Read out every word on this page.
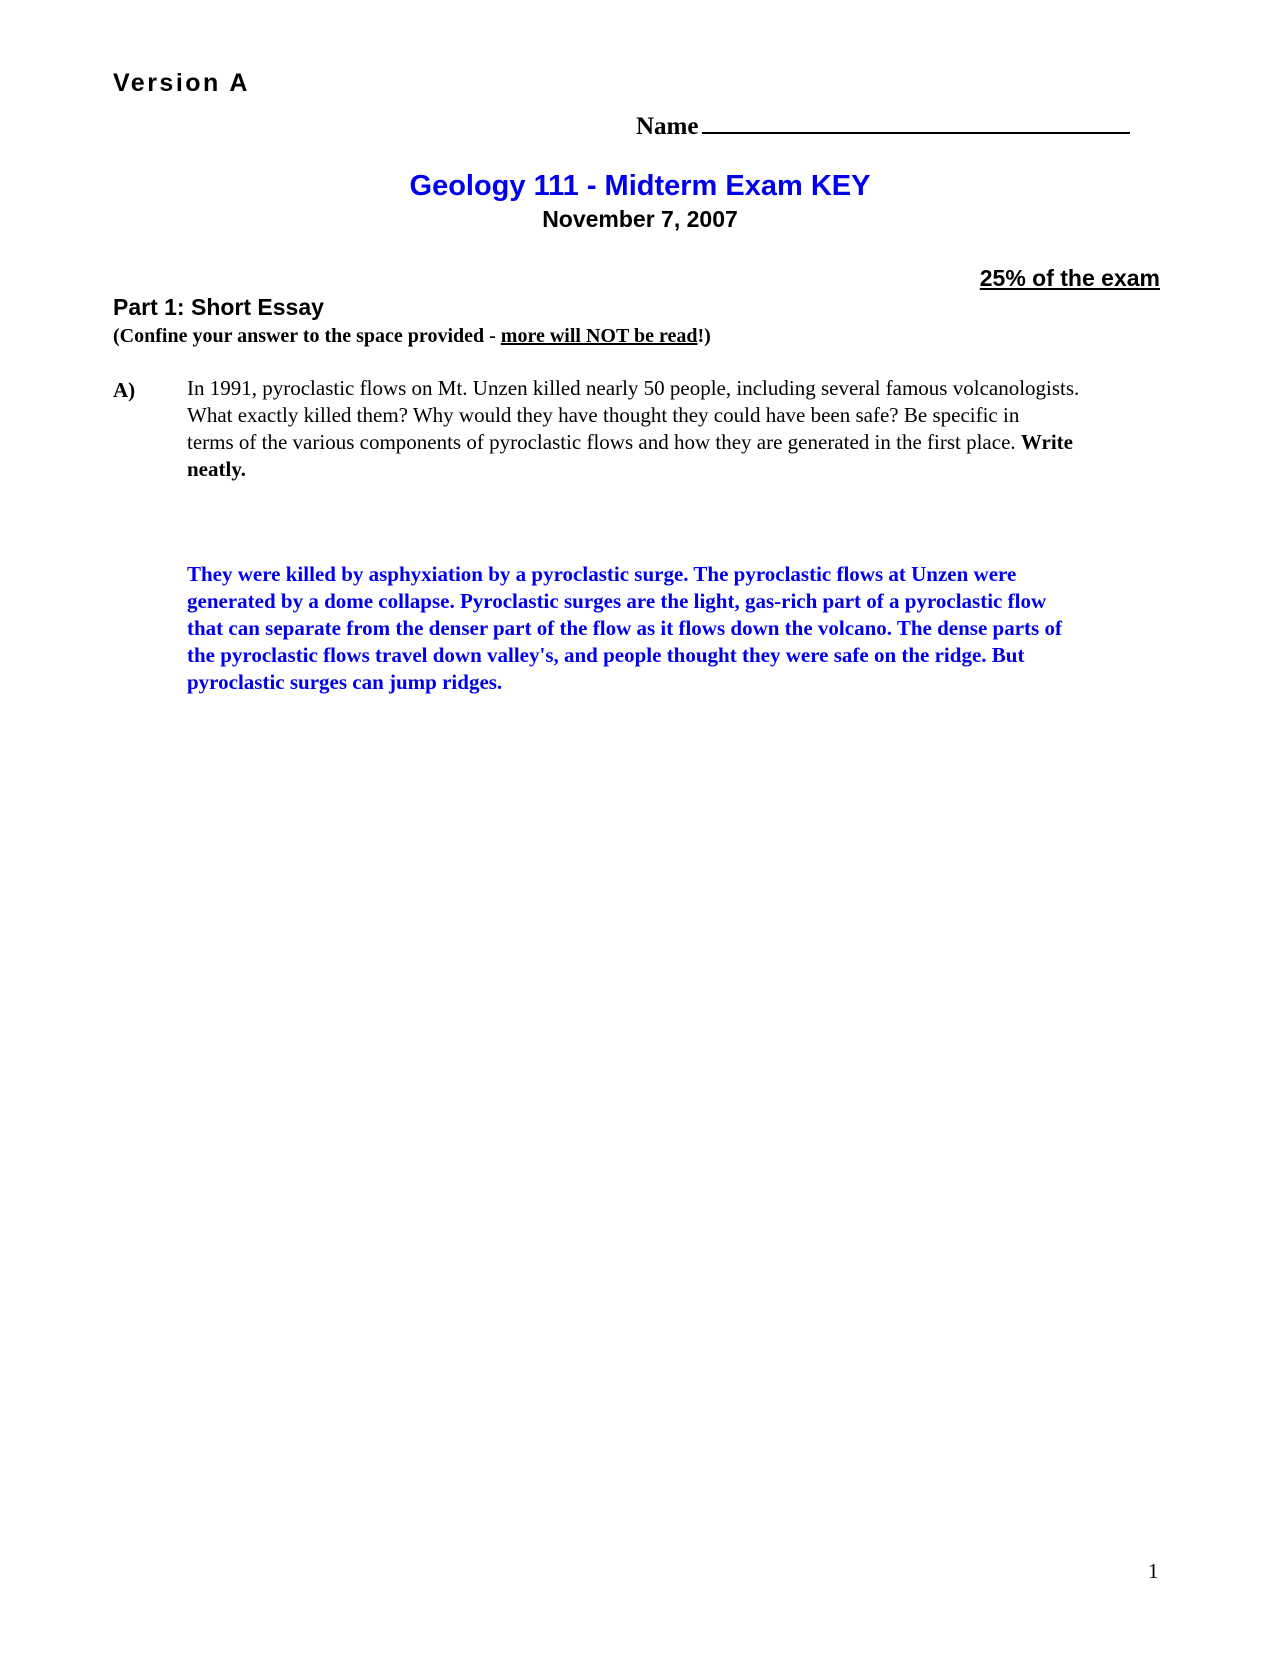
Version A
Name
Geology 111 - Midterm Exam KEY
November 7, 2007
25% of the exam
Part 1: Short Essay
(Confine your answer to the space provided - more will NOT be read!)
A) In 1991, pyroclastic flows on Mt. Unzen killed nearly 50 people, including several famous volcanologists.
What exactly killed them? Why would they have thought they could have been safe? Be specific in
terms of the various components of pyroclastic flows and how they are generated in the first place. Write
neatly.
They were killed by asphyxiation by a pyroclastic surge. The pyroclastic flows at Unzen were
generated by a dome collapse. Pyroclastic surges are the light, gas-rich part of a pyroclastic flow
that can separate from the denser part of the flow as it flows down the volcano. The dense parts of
the pyroclastic flows travel down valley's, and people thought they were safe on the ridge. But
pyroclastic surges can jump ridges.
1
